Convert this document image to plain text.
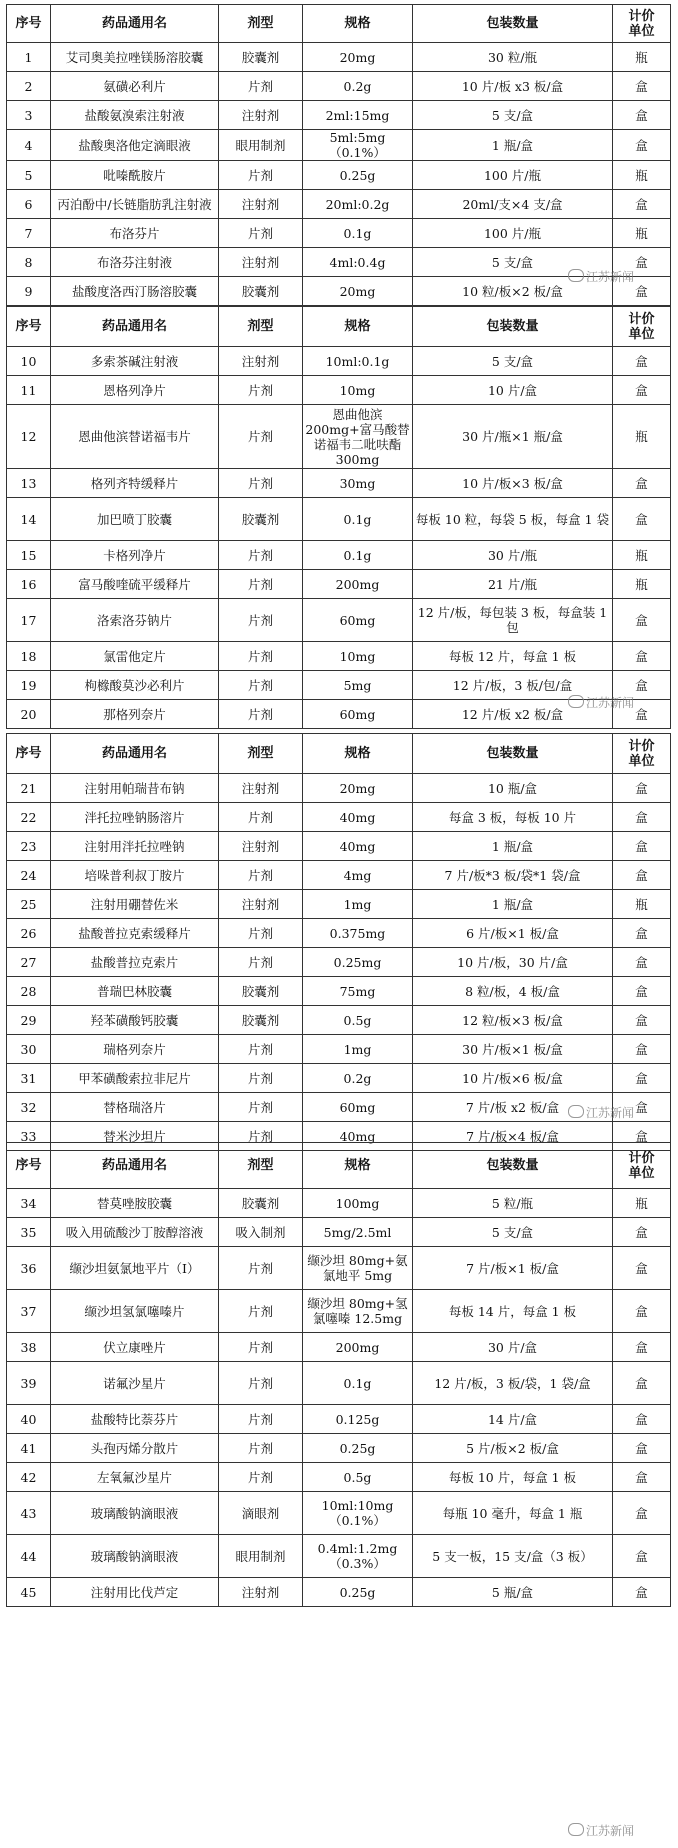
序号	药品通用名	剂型	规格	包装数量	计价
单位
1	艾司奥美拉唑镁肠溶胶囊	胶囊剂	20mg	30 粒/瓶	瓶
2	氨磺必利片	片剂	0.2g	10 片/板 x3 板/盒	盒
3	盐酸氨溴索注射液	注射剂	2ml:15mg	5 支/盒	盒
4	盐酸奥洛他定滴眼液	眼用制剂	5ml:5mg（0.1%）	1 瓶/盒	盒
5	吡嗪酰胺片	片剂	0.25g	100 片/瓶	瓶
6	丙泊酚中/长链脂肪乳注射液	注射剂	20ml:0.2g	20ml/支×4 支/盒	盒
7	布洛芬片	片剂	0.1g	100 片/瓶	瓶
8	布洛芬注射液	注射剂	4ml:0.4g	5 支/盒	盒
9	盐酸度洛西汀肠溶胶囊	胶囊剂	20mg	10 粒/板×2 板/盒	盒
序号	药品通用名	剂型	规格	包装数量	计价
单位
10	多索茶碱注射液	注射剂	10ml:0.1g	5 支/盒	盒
11	恩格列净片	片剂	10mg	10 片/盒	盒
12	恩曲他滨替诺福韦片	片剂	恩曲他滨 200mg+富马酸替诺福韦二吡呋酯 300mg	30 片/瓶×1 瓶/盒	瓶
13	格列齐特缓释片	片剂	30mg	10 片/板×3 板/盒	盒
14	加巴喷丁胶囊	胶囊剂	0.1g	每板 10 粒，每袋 5 板，每盒 1 袋	盒
15	卡格列净片	片剂	0.1g	30 片/瓶	瓶
16	富马酸喹硫平缓释片	片剂	200mg	21 片/瓶	瓶
17	洛索洛芬钠片	片剂	60mg	12 片/板，每包装 3 板，每盒装 1 包	盒
18	氯雷他定片	片剂	10mg	每板 12 片，每盒 1 板	盒
19	枸橼酸莫沙必利片	片剂	5mg	12 片/板，3 板/包/盒	盒
20	那格列奈片	片剂	60mg	12 片/板 x2 板/盒	盒
序号	药品通用名	剂型	规格	包装数量	计价
单位
21	注射用帕瑞昔布钠	注射剂	20mg	10 瓶/盒	盒
22	泮托拉唑钠肠溶片	片剂	40mg	每盒 3 板，每板 10 片	盒
23	注射用泮托拉唑钠	注射剂	40mg	1 瓶/盒	盒
24	培哚普利叔丁胺片	片剂	4mg	7 片/板*3 板/袋*1 袋/盒	盒
25	注射用硼替佐米	注射剂	1mg	1 瓶/盒	瓶
26	盐酸普拉克索缓释片	片剂	0.375mg	6 片/板×1 板/盒	盒
27	盐酸普拉克索片	片剂	0.25mg	10 片/板，30 片/盒	盒
28	普瑞巴林胶囊	胶囊剂	75mg	8 粒/板，4 板/盒	盒
29	羟苯磺酸钙胶囊	胶囊剂	0.5g	12 粒/板×3 板/盒	盒
30	瑞格列奈片	片剂	1mg	30 片/板×1 板/盒	盒
31	甲苯磺酸索拉非尼片	片剂	0.2g	10 片/板×6 板/盒	盒
32	替格瑞洛片	片剂	60mg	7 片/板 x2 板/盒	盒
33	替米沙坦片	片剂	40mg	7 片/板×4 板/盒	盒
序号	药品通用名	剂型	规格	包装数量	计价
单位
34	替莫唑胺胶囊	胶囊剂	100mg	5 粒/瓶	瓶
35	吸入用硫酸沙丁胺醇溶液	吸入制剂	5mg/2.5ml	5 支/盒	盒
36	缬沙坦氨氯地平片（Ⅰ）	片剂	缬沙坦 80mg+氨氯地平 5mg	7 片/板×1 板/盒	盒
37	缬沙坦氢氯噻嗪片	片剂	缬沙坦 80mg+氢氯噻嗪 12.5mg	每板 14 片，每盒 1 板	盒
38	伏立康唑片	片剂	200mg	30 片/盒	盒
39	诺氟沙星片	片剂	0.1g	12 片/板，3 板/袋，1 袋/盒	盒
40	盐酸特比萘芬片	片剂	0.125g	14 片/盒	盒
41	头孢丙烯分散片	片剂	0.25g	5 片/板×2 板/盒	盒
42	左氧氟沙星片	片剂	0.5g	每板 10 片，每盒 1 板	盒
43	玻璃酸钠滴眼液	滴眼剂	10ml:10mg（0.1%）	每瓶 10 毫升，每盒 1 瓶	盒
44	玻璃酸钠滴眼液	眼用制剂	0.4ml:1.2mg（0.3%）	5 支一板，15 支/盒（3 板）	盒
45	注射用比伐芦定	注射剂	0.25g	5 瓶/盒	盒
江苏新闻
江苏新闻
江苏新闻
江苏新闻
